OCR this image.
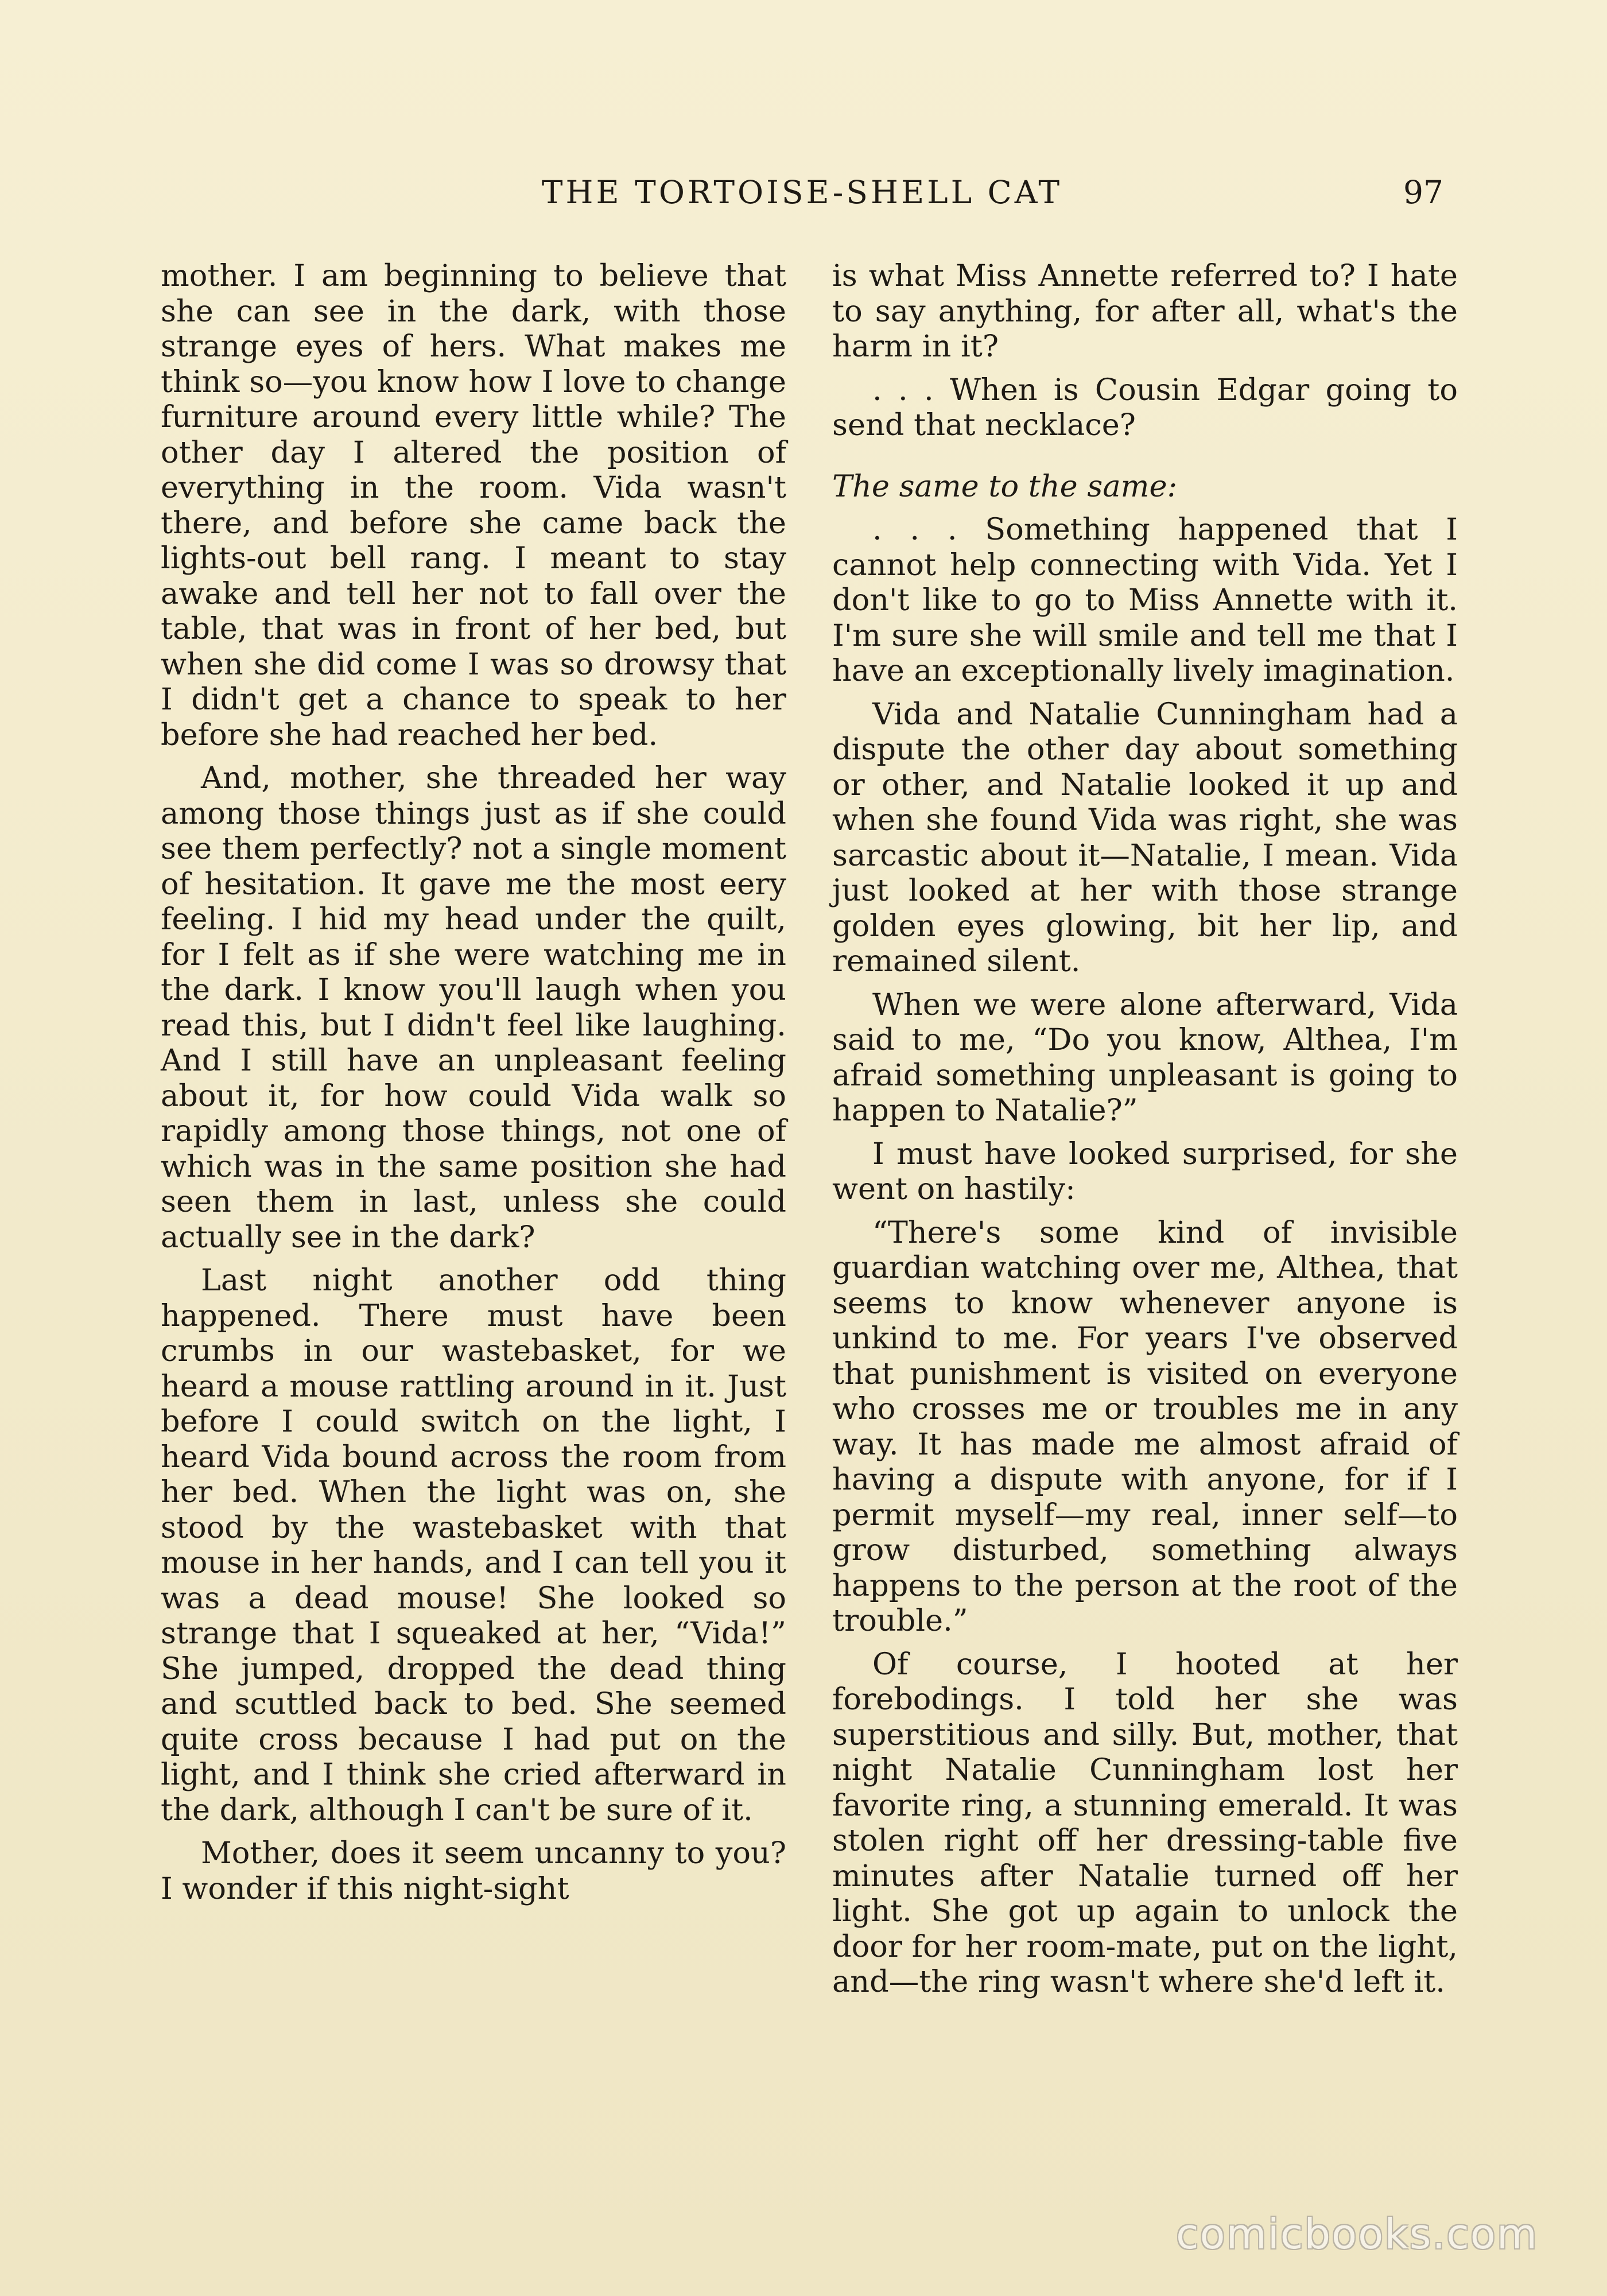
THE TORTOISE-SHELL CAT	97

mother. I am beginning to believe that she can see in the dark, with those strange eyes of hers. What makes me think so—you know how I love to change furniture around every little while? The other day I altered the position of everything in the room. Vida wasn't there, and before she came back the lights-out bell rang. I meant to stay awake and tell her not to fall over the table, that was in front of her bed, but when she did come I was so drowsy that I didn't get a chance to speak to her before she had reached her bed.

And, mother, she threaded her way among those things just as if she could see them perfectly? not a single moment of hesitation. It gave me the most eery feeling. I hid my head under the quilt, for I felt as if she were watching me in the dark. I know you'll laugh when you read this, but I didn't feel like laughing. And I still have an unpleasant feeling about it, for how could Vida walk so rapidly among those things, not one of which was in the same position she had seen them in last, unless she could actually see in the dark?

Last night another odd thing happened. There must have been crumbs in our wastebasket, for we heard a mouse rattling around in it. Just before I could switch on the light, I heard Vida bound across the room from her bed. When the light was on, she stood by the wastebasket with that mouse in her hands, and I can tell you it was a dead mouse! She looked so strange that I squeaked at her, “Vida!” She jumped, dropped the dead thing and scuttled back to bed. She seemed quite cross because I had put on the light, and I think she cried afterward in the dark, although I can't be sure of it.

Mother, does it seem uncanny to you? I wonder if this night-sight

is what Miss Annette referred to? I hate to say anything, for after all, what's the harm in it?

. . . When is Cousin Edgar going to send that necklace?

The same to the same:

. . . Something happened that I cannot help connecting with Vida. Yet I don't like to go to Miss Annette with it. I'm sure she will smile and tell me that I have an exceptionally lively imagination.

Vida and Natalie Cunningham had a dispute the other day about something or other, and Natalie looked it up and when she found Vida was right, she was sarcastic about it—Natalie, I mean. Vida just looked at her with those strange golden eyes glowing, bit her lip, and remained silent.

When we were alone afterward, Vida said to me, “Do you know, Althea, I'm afraid something unpleasant is going to happen to Natalie?”

I must have looked surprised, for she went on hastily:

“There's some kind of invisible guardian watching over me, Althea, that seems to know whenever anyone is unkind to me. For years I've observed that punishment is visited on everyone who crosses me or troubles me in any way. It has made me almost afraid of having a dispute with anyone, for if I permit myself—my real, inner self—to grow disturbed, something always happens to the person at the root of the trouble.”

Of course, I hooted at her forebodings. I told her she was superstitious and silly. But, mother, that night Natalie Cunningham lost her favorite ring, a stunning emerald. It was stolen right off her dressing-table five minutes after Natalie turned off her light. She got up again to unlock the door for her room-mate, put on the light, and—the ring wasn't where she'd left it.

comicbooks.com
